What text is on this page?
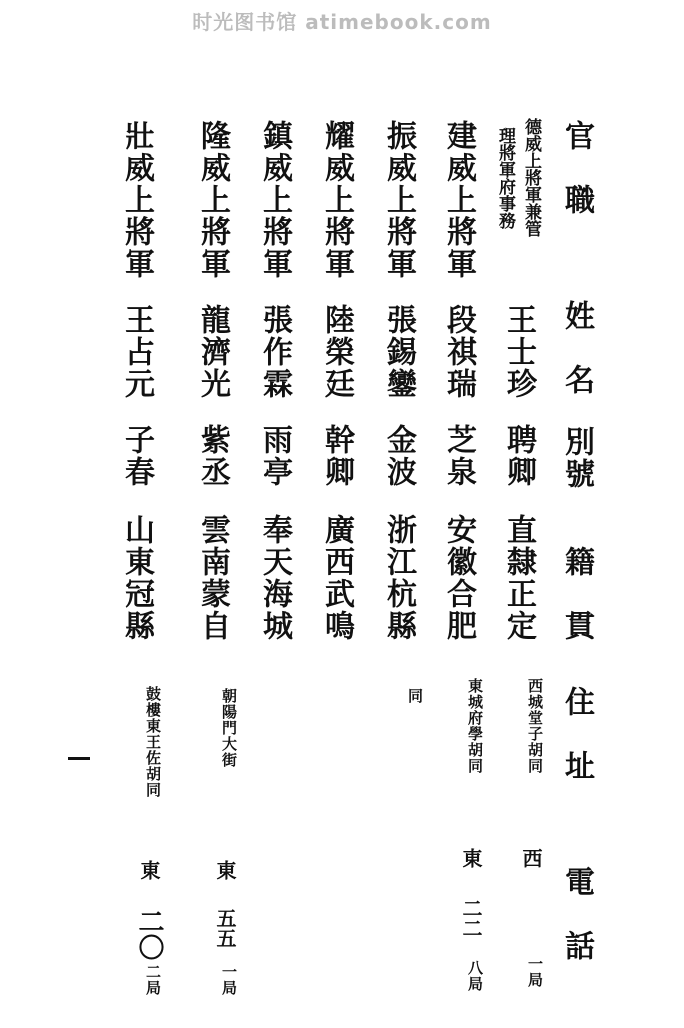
时光图书馆 atimebook.com
官　職
姓　名
別號
籍　貫
住　址
電　話
德威上將軍兼管
理將軍府事務
王士珍
聘卿
直隸正定
西城堂子胡同
西
一局
建威上將軍
段祺瑞
芝泉
安徽合肥
東城府學胡同
東
二二
八局
振威上將軍
張錫鑾
金波
浙江杭縣
同
耀威上將軍
陸榮廷
幹卿
廣西武鳴
鎮威上將軍
張作霖
雨亭
奉天海城
隆威上將軍
龍濟光
紫丞
雲南蒙自
朝陽門大街
東
五五
一局
壯威上將軍
王占元
子春
山東冠縣
鼓樓東王佐胡同
東
二〇
二局
